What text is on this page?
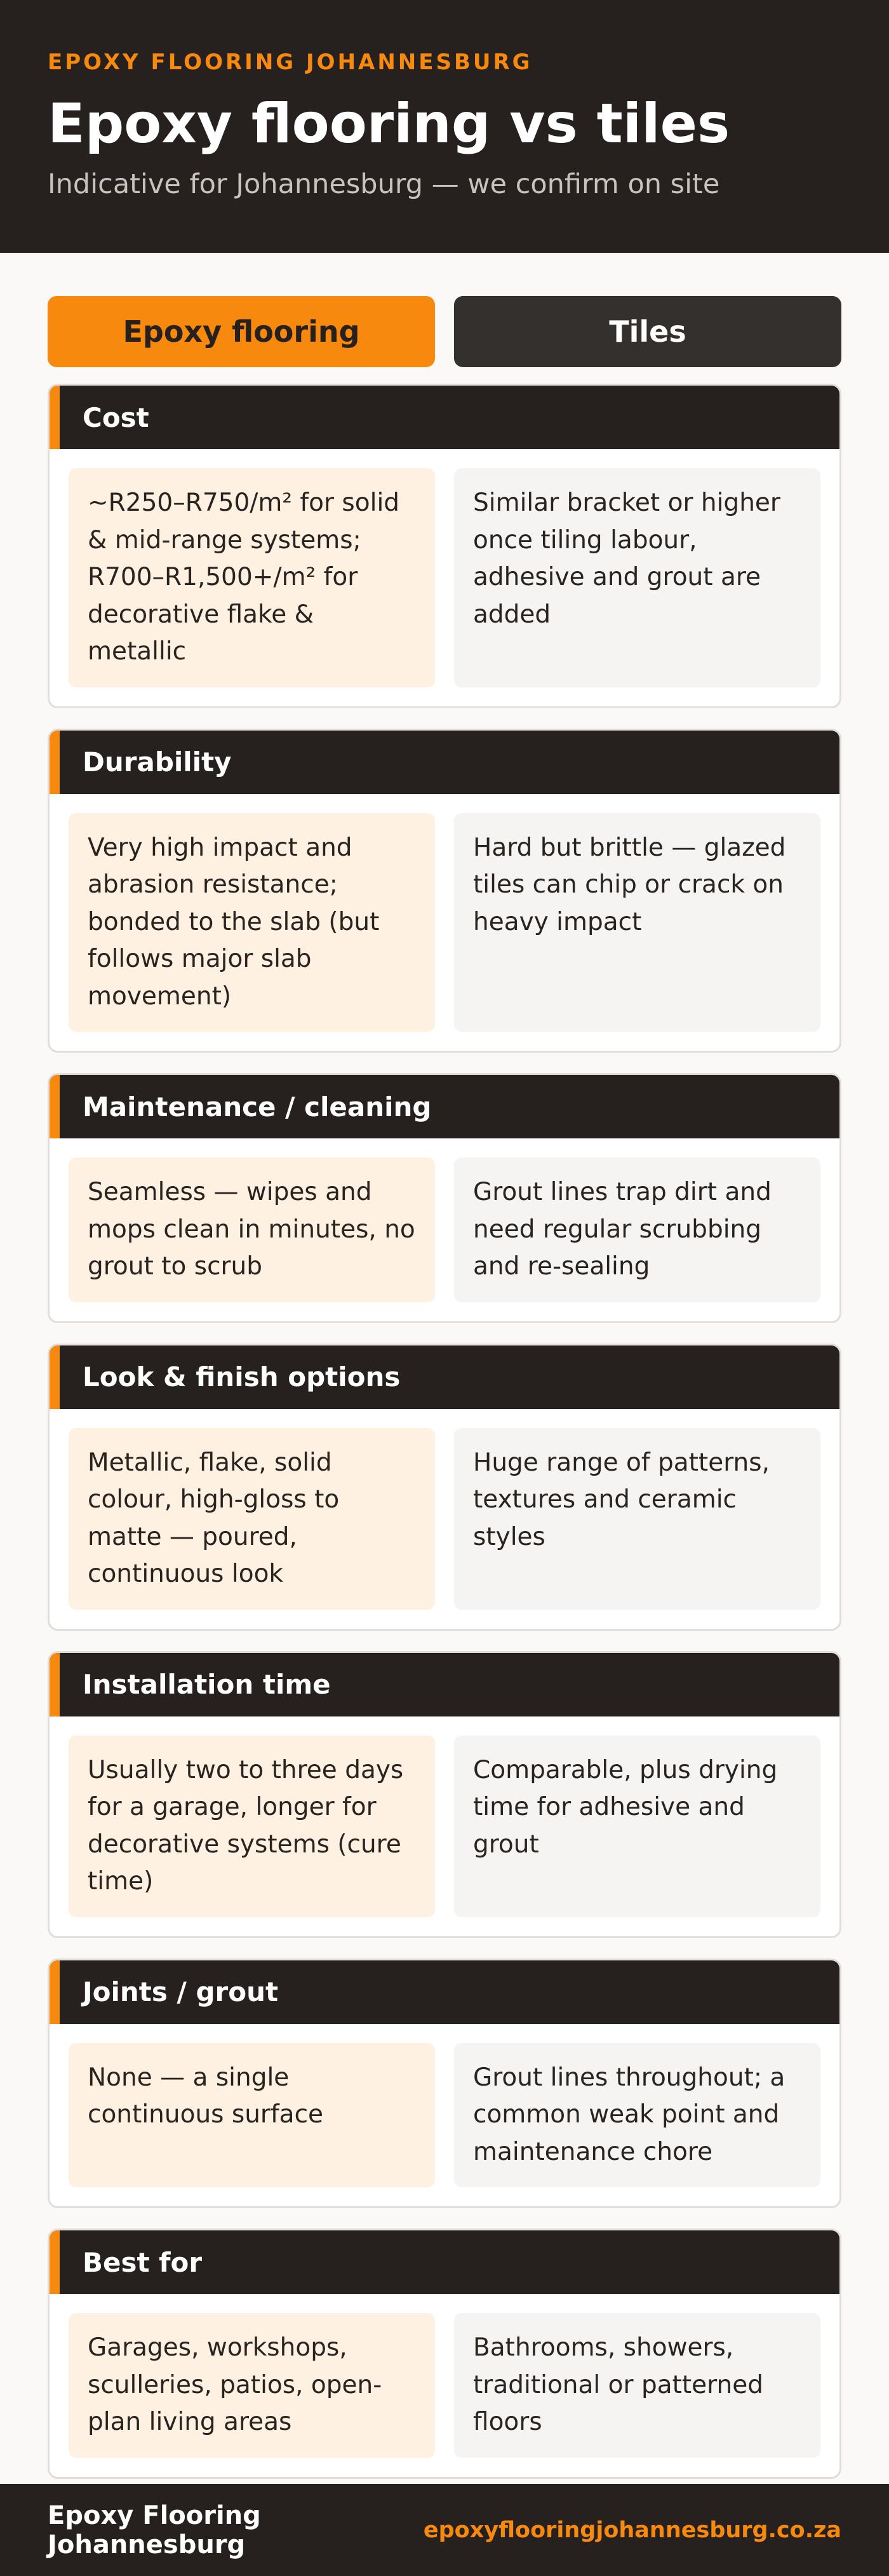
EPOXY FLOORING JOHANNESBURG
Epoxy flooring vs tiles
Indicative for Johannesburg — we confirm on site
Epoxy flooring	Tiles
Cost
~R250–R750/m² for solid & mid-range systems; R700–R1,500+/m² for decorative flake & metallic
Similar bracket or higher once tiling labour, adhesive and grout are added
Durability
Very high impact and abrasion resistance; bonded to the slab (but follows major slab movement)
Hard but brittle — glazed tiles can chip or crack on heavy impact
Maintenance / cleaning
Seamless — wipes and mops clean in minutes, no grout to scrub
Grout lines trap dirt and need regular scrubbing and re-sealing
Look & finish options
Metallic, flake, solid colour, high-gloss to matte — poured, continuous look
Huge range of patterns, textures and ceramic styles
Installation time
Usually two to three days for a garage, longer for decorative systems (cure time)
Comparable, plus drying time for adhesive and grout
Joints / grout
None — a single continuous surface
Grout lines throughout; a common weak point and maintenance chore
Best for
Garages, workshops, sculleries, patios, open-plan living areas
Bathrooms, showers, traditional or patterned floors
Epoxy Flooring Johannesburg	epoxyflooringjohannesburg.co.za
